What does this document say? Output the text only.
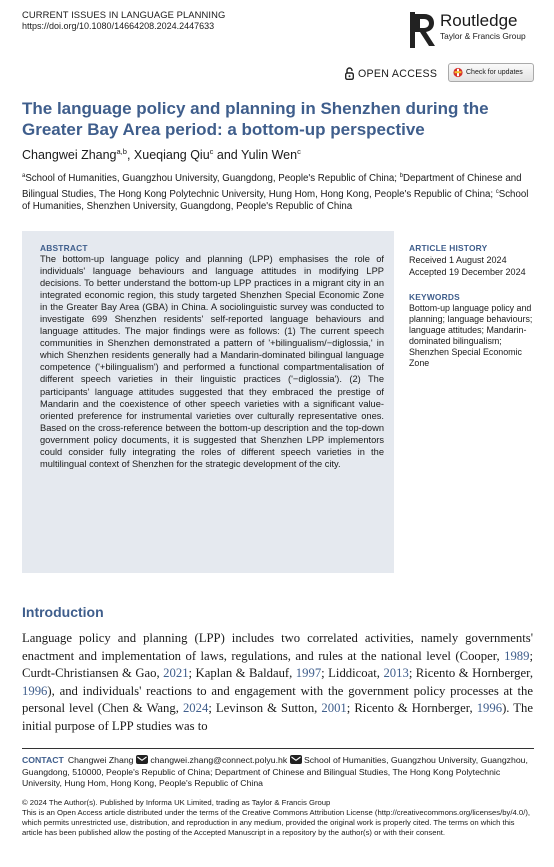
CURRENT ISSUES IN LANGUAGE PLANNING
https://doi.org/10.1080/14664208.2024.2447633	Routledge
Taylor & Francis Group
OPEN ACCESS	Check for updates
The language policy and planning in Shenzhen during the Greater Bay Area period: a bottom-up perspective
Changwei Zhang$^{a,b}$, Xueqiang Qiu$^c$ and Yulin Wen$^c$
$^a$School of Humanities, Guangzhou University, Guangdong, People's Republic of China; $^b$Department of Chinese and Bilingual Studies, The Hong Kong Polytechnic University, Hung Hom, Hong Kong, People's Republic of China; $^c$School of Humanities, Shenzhen University, Guangdong, People's Republic of China
ABSTRACT
The bottom-up language policy and planning (LPP) emphasises the role of individuals' language behaviours and language attitudes in modifying LPP decisions. To better understand the bottom-up LPP practices in a migrant city in an integrated economic region, this study targeted Shenzhen Special Economic Zone in the Greater Bay Area (GBA) in China. A sociolinguistic survey was conducted to investigate 699 Shenzhen residents' self-reported language behaviours and language attitudes. The major findings were as follows: (1) The current speech communities in Shenzhen demonstrated a pattern of '+bilingualism/−diglossia,' in which Shenzhen residents generally had a Mandarin-dominated bilingual language competence ('+bilingualism') and performed a functional compartmentalisation of different speech varieties in their linguistic practices ('−diglossia'). (2) The participants' language attitudes suggested that they embraced the prestige of Mandarin and the coexistence of other speech varieties with a significant value-oriented preference for instrumental varieties over culturally representative ones. Based on the cross-reference between the bottom-up description and the top-down government policy documents, it is suggested that Shenzhen LPP implementors could consider fully integrating the roles of different speech varieties in the multilingual context of Shenzhen for the strategic development of the city.
ARTICLE HISTORY
Received 1 August 2024
Accepted 19 December 2024
KEYWORDS
Bottom-up language policy and planning; language behaviours; language attitudes; Mandarin-dominated bilingualism; Shenzhen Special Economic Zone
Introduction
Language policy and planning (LPP) includes two correlated activities, namely governments' enactment and implementation of laws, regulations, and rules at the national level (Cooper, 1989; Curdt-Christiansen & Gao, 2021; Kaplan & Baldauf, 1997; Liddicoat, 2013; Ricento & Hornberger, 1996), and individuals' reactions to and engagement with the government policy processes at the personal level (Chen & Wang, 2024; Levinson & Sutton, 2001; Ricento & Hornberger, 1996). The initial purpose of LPP studies was to
CONTACT Changwei Zhang changwei.zhang@connect.polyu.hk School of Humanities, Guangzhou University, Guangzhou, Guangdong, 510000, People's Republic of China; Department of Chinese and Bilingual Studies, The Hong Kong Polytechnic University, Hung Hom, Hong Kong, People's Republic of China
© 2024 The Author(s). Published by Informa UK Limited, trading as Taylor & Francis Group
This is an Open Access article distributed under the terms of the Creative Commons Attribution License (http://creativecommons.org/licenses/by/4.0/), which permits unrestricted use, distribution, and reproduction in any medium, provided the original work is properly cited. The terms on which this article has been published allow the posting of the Accepted Manuscript in a repository by the author(s) or with their consent.
